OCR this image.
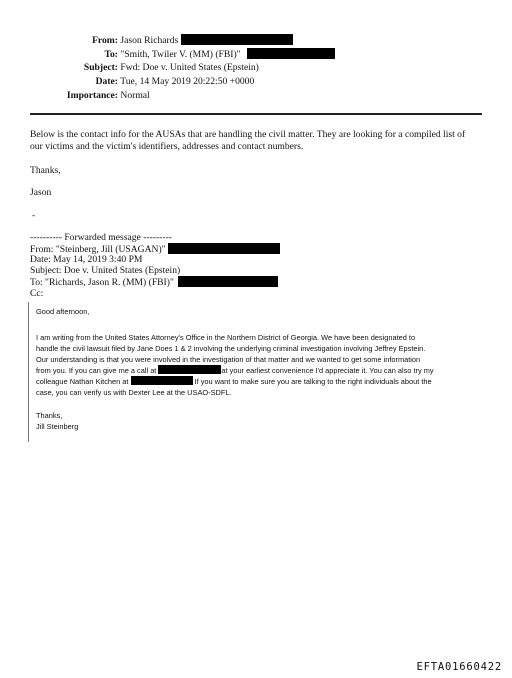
From: Jason Richards
To: "Smith, Twiler V. (MM) (FBI)"
Subject: Fwd: Doe v. United States (Epstein)
Date: Tue, 14 May 2019 20:22:50 +0000
Importance: Normal
Below is the contact info for the AUSAs that are handling the civil matter. They are looking for a compiled list of
our victims and the victim's identifiers, addresses and contact numbers.
Thanks,
Jason
-
---------- Forwarded message ---------
From: "Steinberg, Jill (USAGAN)"
Date: May 14, 2019 3:40 PM
Subject: Doe v. United States (Epstein)
To: "Richards, Jason R. (MM) (FBI)"
Cc:
Good afternoon,
I am writing from the United States Attorney's Office in the Northern District of Georgia. We have been designated to
handle the civil lawsuit filed by Jane Does 1 & 2 involving the underlying criminal investigation involving Jeffrey Epstein.
Our understanding is that you were involved in the investigation of that matter and we wanted to get some information
from you. If you can give me a call at	at your earliest convenience I'd appreciate it. You can also try my
colleague Nathan Kitchen at	If you want to make sure you are talking to the right individuals about the
case, you can verify us with Dexter Lee at the USAO-SDFL.
Thanks,
Jill Steinberg
EFTA01660422
